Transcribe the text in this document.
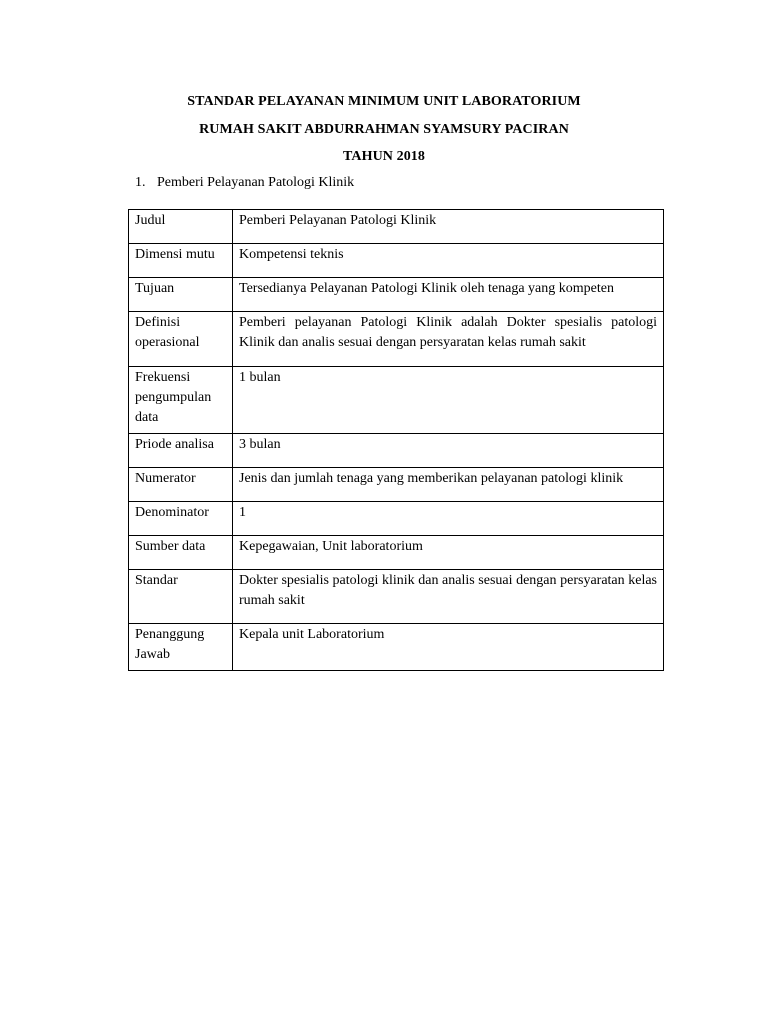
STANDAR PELAYANAN MINIMUM UNIT LABORATORIUM
RUMAH SAKIT ABDURRAHMAN SYAMSURY PACIRAN
TAHUN 2018
1. Pemberi Pelayanan Patologi Klinik
Judul	Pemberi Pelayanan Patologi Klinik
Dimensi mutu	Kompetensi teknis
Tujuan	Tersedianya Pelayanan Patologi Klinik oleh tenaga yang kompeten
Definisi operasional	Pemberi pelayanan Patologi Klinik adalah Dokter spesialis patologi Klinik dan analis sesuai dengan persyaratan kelas rumah sakit
Frekuensi pengumpulan data	1 bulan
Priode analisa	3 bulan
Numerator	Jenis dan jumlah tenaga yang memberikan pelayanan patologi klinik
Denominator	1
Sumber data	Kepegawaian, Unit laboratorium
Standar	Dokter spesialis patologi klinik dan analis sesuai dengan persyaratan kelas rumah sakit
Penanggung Jawab	Kepala unit Laboratorium
